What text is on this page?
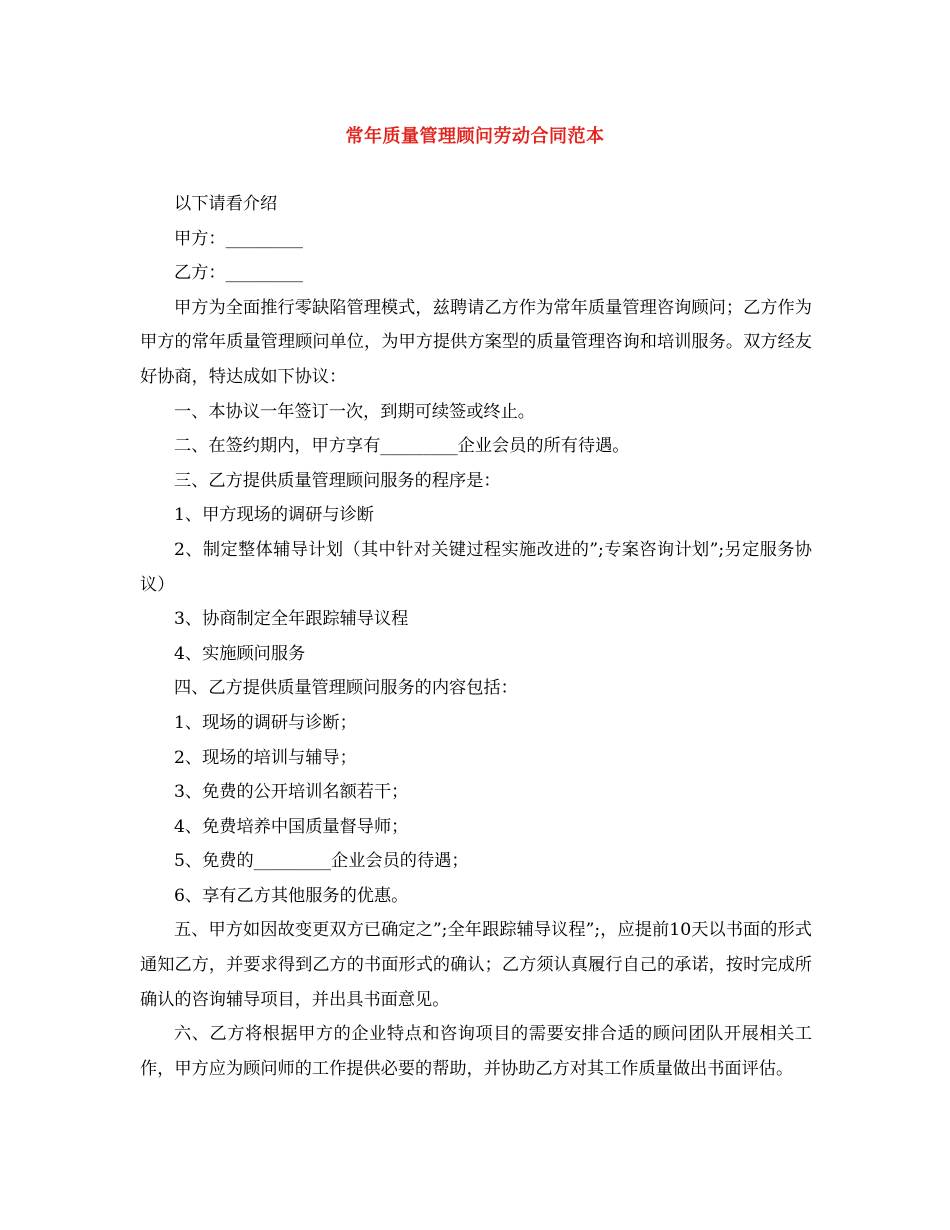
常年质量管理顾问劳动合同范本

以下请看介绍

甲方：_________

乙方：_________

甲方为全面推行零缺陷管理模式，兹聘请乙方作为常年质量管理咨询顾问；乙方作为甲方的常年质量管理顾问单位，为甲方提供方案型的质量管理咨询和培训服务。双方经友好协商，特达成如下协议：

一、本协议一年签订一次，到期可续签或终止。

二、在签约期内，甲方享有_________企业会员的所有待遇。

三、乙方提供质量管理顾问服务的程序是：

1、甲方现场的调研与诊断

2、制定整体辅导计划（其中针对关键过程实施改进的”;专案咨询计划”;另定服务协议）

3、协商制定全年跟踪辅导议程

4、实施顾问服务

四、乙方提供质量管理顾问服务的内容包括：

1、现场的调研与诊断；

2、现场的培训与辅导；

3、免费的公开培训名额若干；

4、免费培养中国质量督导师；

5、免费的_________企业会员的待遇；

6、享有乙方其他服务的优惠。

五、甲方如因故变更双方已确定之”;全年跟踪辅导议程”;，应提前10天以书面的形式通知乙方，并要求得到乙方的书面形式的确认；乙方须认真履行自己的承诺，按时完成所确认的咨询辅导项目，并出具书面意见。

六、乙方将根据甲方的企业特点和咨询项目的需要安排合适的顾问团队开展相关工作，甲方应为顾问师的工作提供必要的帮助，并协助乙方对其工作质量做出书面评估。
